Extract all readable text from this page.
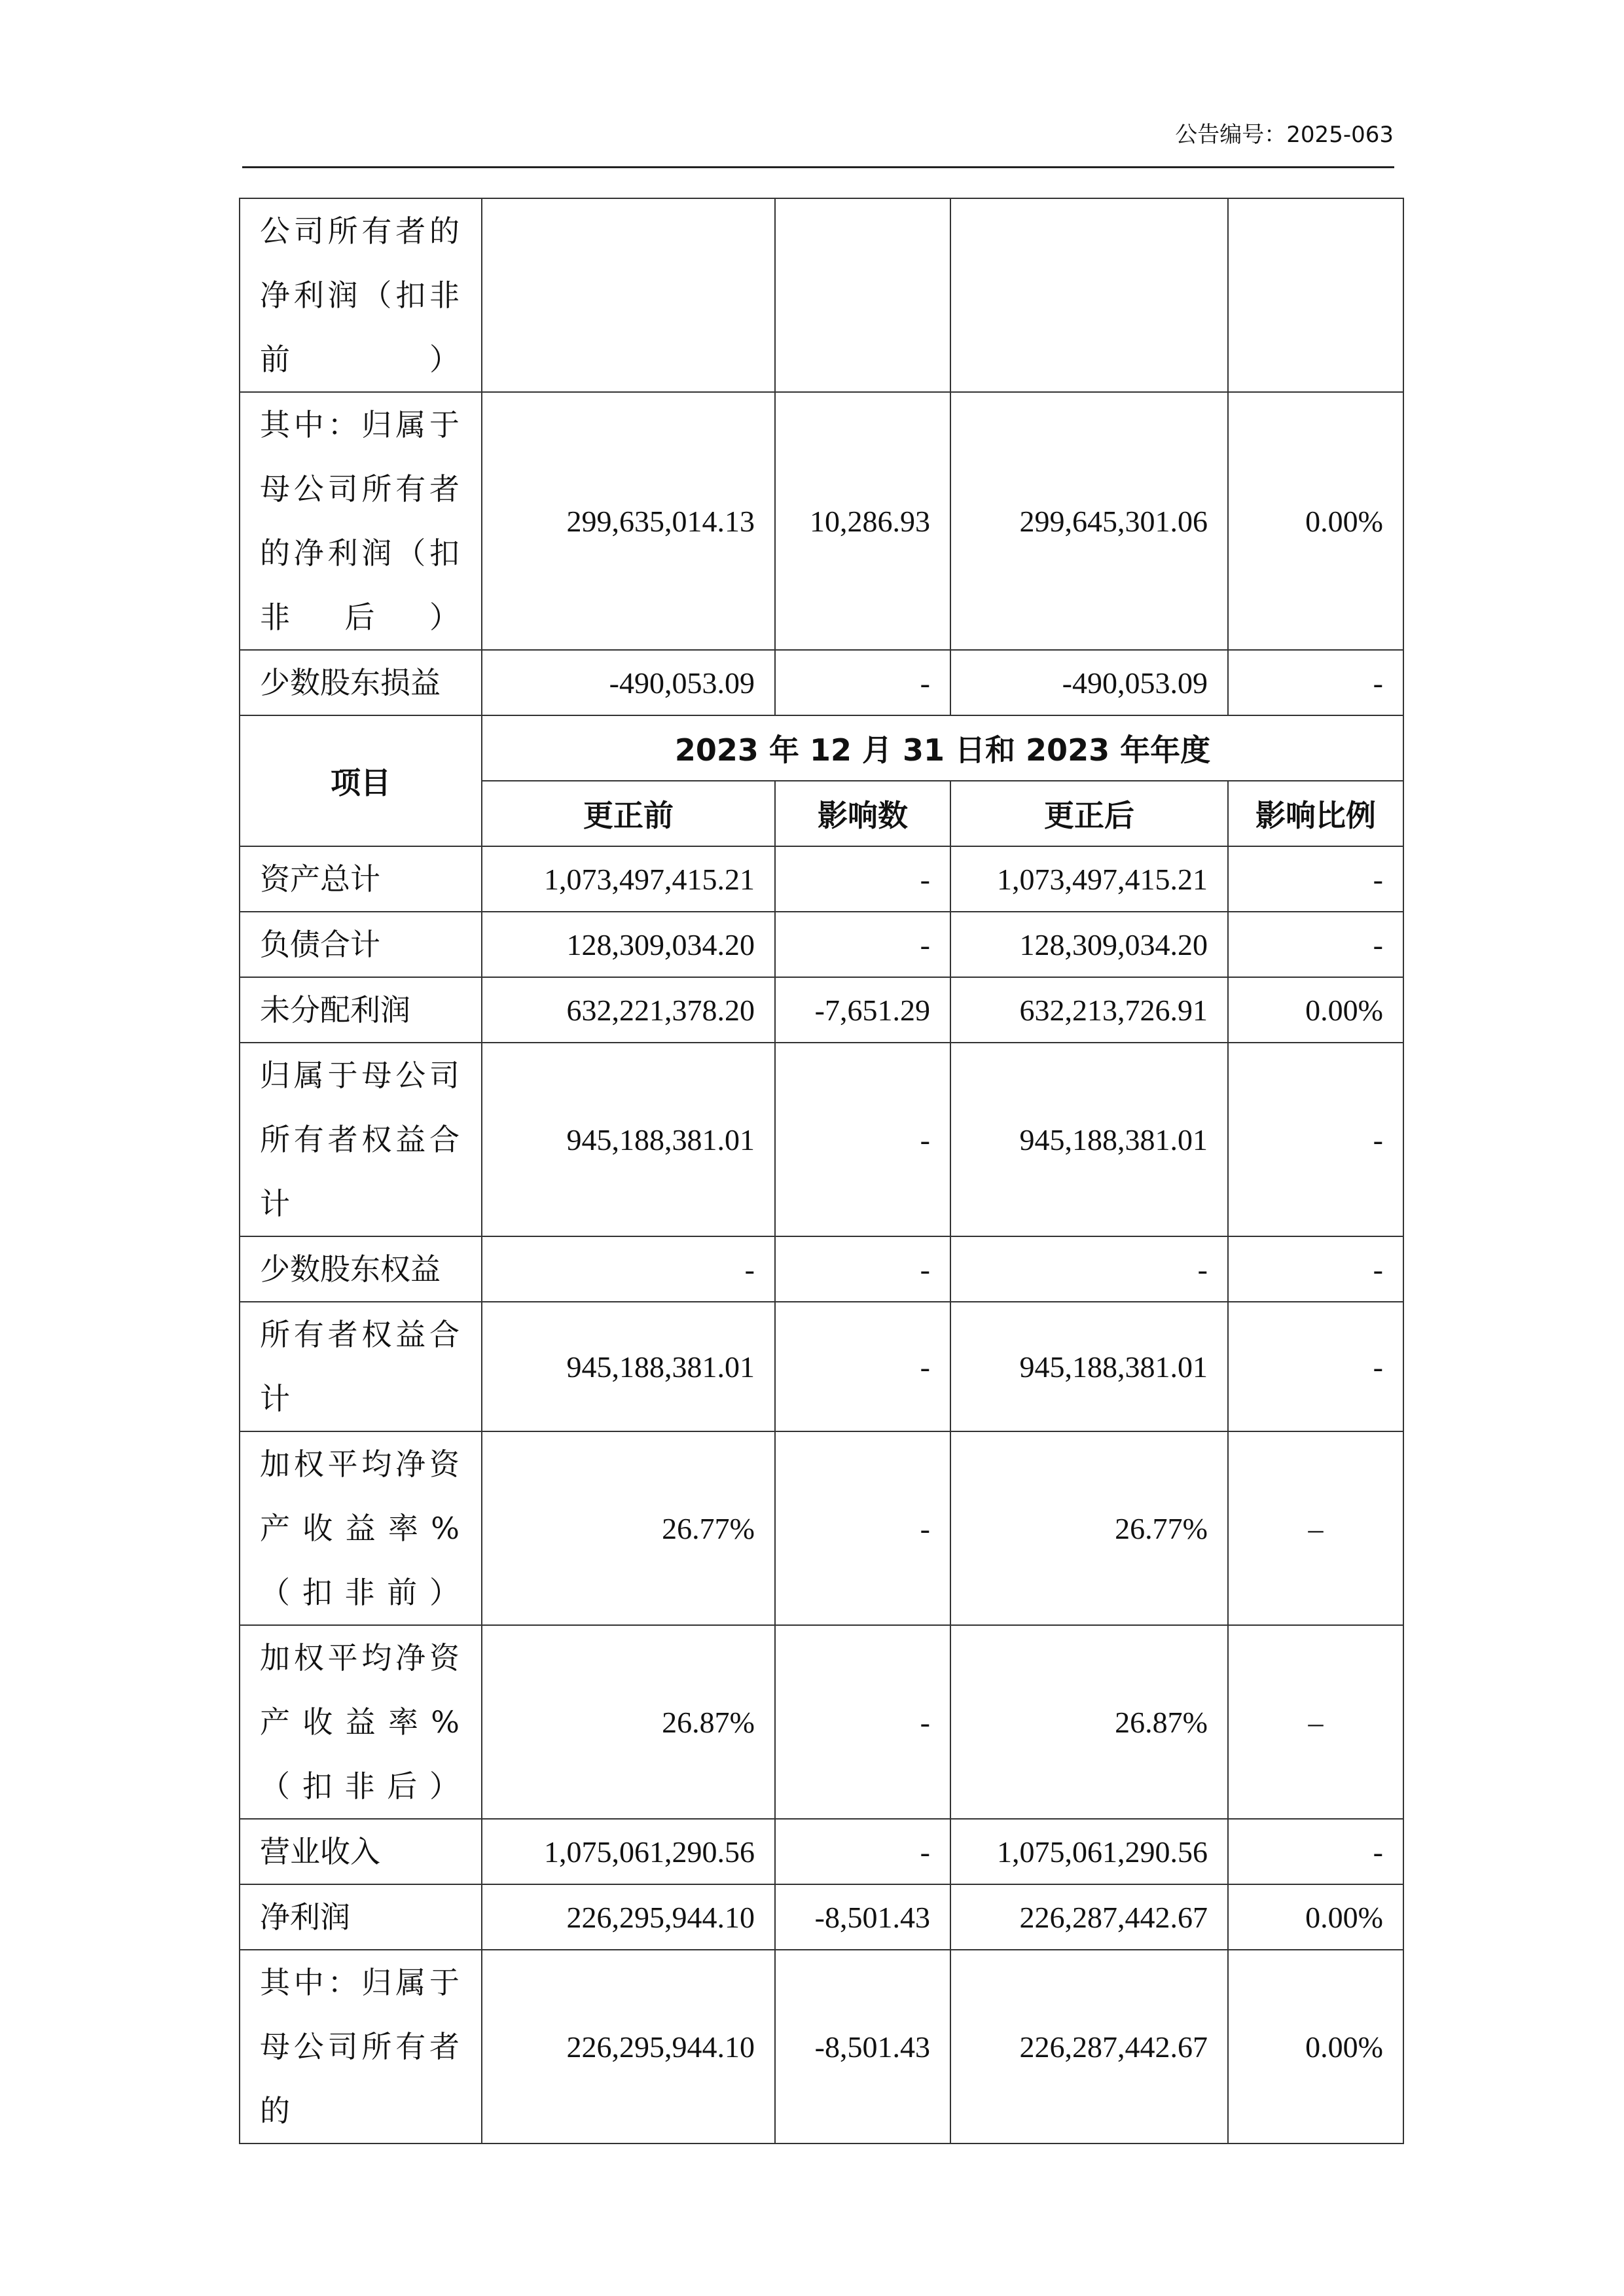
公告编号：2025-063
公司所有者的净利润（扣非前）				
其中：归属于母公司所有者的净利润（扣非后）	299,635,014.13	10,286.93	299,645,301.06	0.00%
少数股东损益	-490,053.09	-	-490,053.09	-
项目	2023 年 12 月 31 日和 2023 年年度			
	更正前	影响数	更正后	影响比例
资产总计	1,073,497,415.21	-	1,073,497,415.21	-
负债合计	128,309,034.20	-	128,309,034.20	-
未分配利润	632,221,378.20	-7,651.29	632,213,726.91	0.00%
归属于母公司所有者权益合计	945,188,381.01	-	945,188,381.01	-
少数股东权益	-	-	-	-
所有者权益合计	945,188,381.01	-	945,188,381.01	-
加权平均净资产收益率%（扣非前）	26.77%	-	26.77%	–
加权平均净资产收益率%（扣非后）	26.87%	-	26.87%	–
营业收入	1,075,061,290.56	-	1,075,061,290.56	-
净利润	226,295,944.10	-8,501.43	226,287,442.67	0.00%
其中：归属于母公司所有者的	226,295,944.10	-8,501.43	226,287,442.67	0.00%
